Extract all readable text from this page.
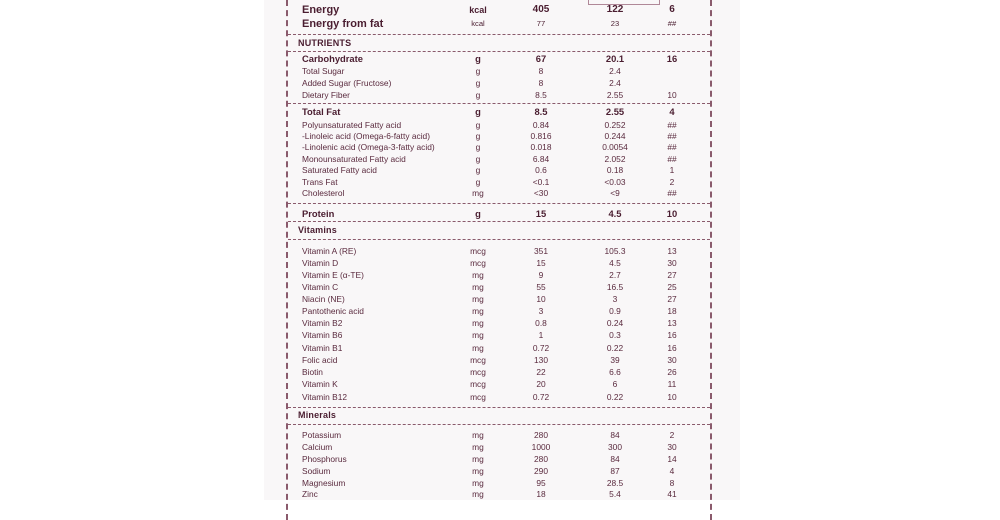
Energy	kcal	405	122	6
Energy from fat	kcal	77	23	##
NUTRIENTS
Carbohydrate	g	67	20.1	16
Total Sugar	g	8	2.4
Added Sugar (Fructose)	g	8	2.4
Dietary Fiber	g	8.5	2.55	10
Total Fat	g	8.5	2.55	4
Polyunsaturated Fatty acid	g	0.84	0.252	##
-Linoleic acid (Omega-6-fatty acid)	g	0.816	0.244	##
-Linolenic acid (Omega-3-fatty acid)	g	0.018	0.0054	##
Monounsaturated Fatty acid	g	6.84	2.052	##
Saturated Fatty acid	g	0.6	0.18	1
Trans Fat	g	<0.1	<0.03	2
Cholesterol	mg	<30	<9	##
Protein	g	15	4.5	10
Vitamins
Vitamin A (RE)	mcg	351	105.3	13
Vitamin D	mcg	15	4.5	30
Vitamin E (α-TE)	mg	9	2.7	27
Vitamin C	mg	55	16.5	25
Niacin (NE)	mg	10	3	27
Pantothenic acid	mg	3	0.9	18
Vitamin B2	mg	0.8	0.24	13
Vitamin B6	mg	1	0.3	16
Vitamin B1	mg	0.72	0.22	16
Folic acid	mcg	130	39	30
Biotin	mcg	22	6.6	26
Vitamin K	mcg	20	6	11
Vitamin B12	mcg	0.72	0.22	10
Minerals
Potassium	mg	280	84	2
Calcium	mg	1000	300	30
Phosphorus	mg	280	84	14
Sodium	mg	290	87	4
Magnesium	mg	95	28.5	8
Zinc	mg	18	5.4	41
